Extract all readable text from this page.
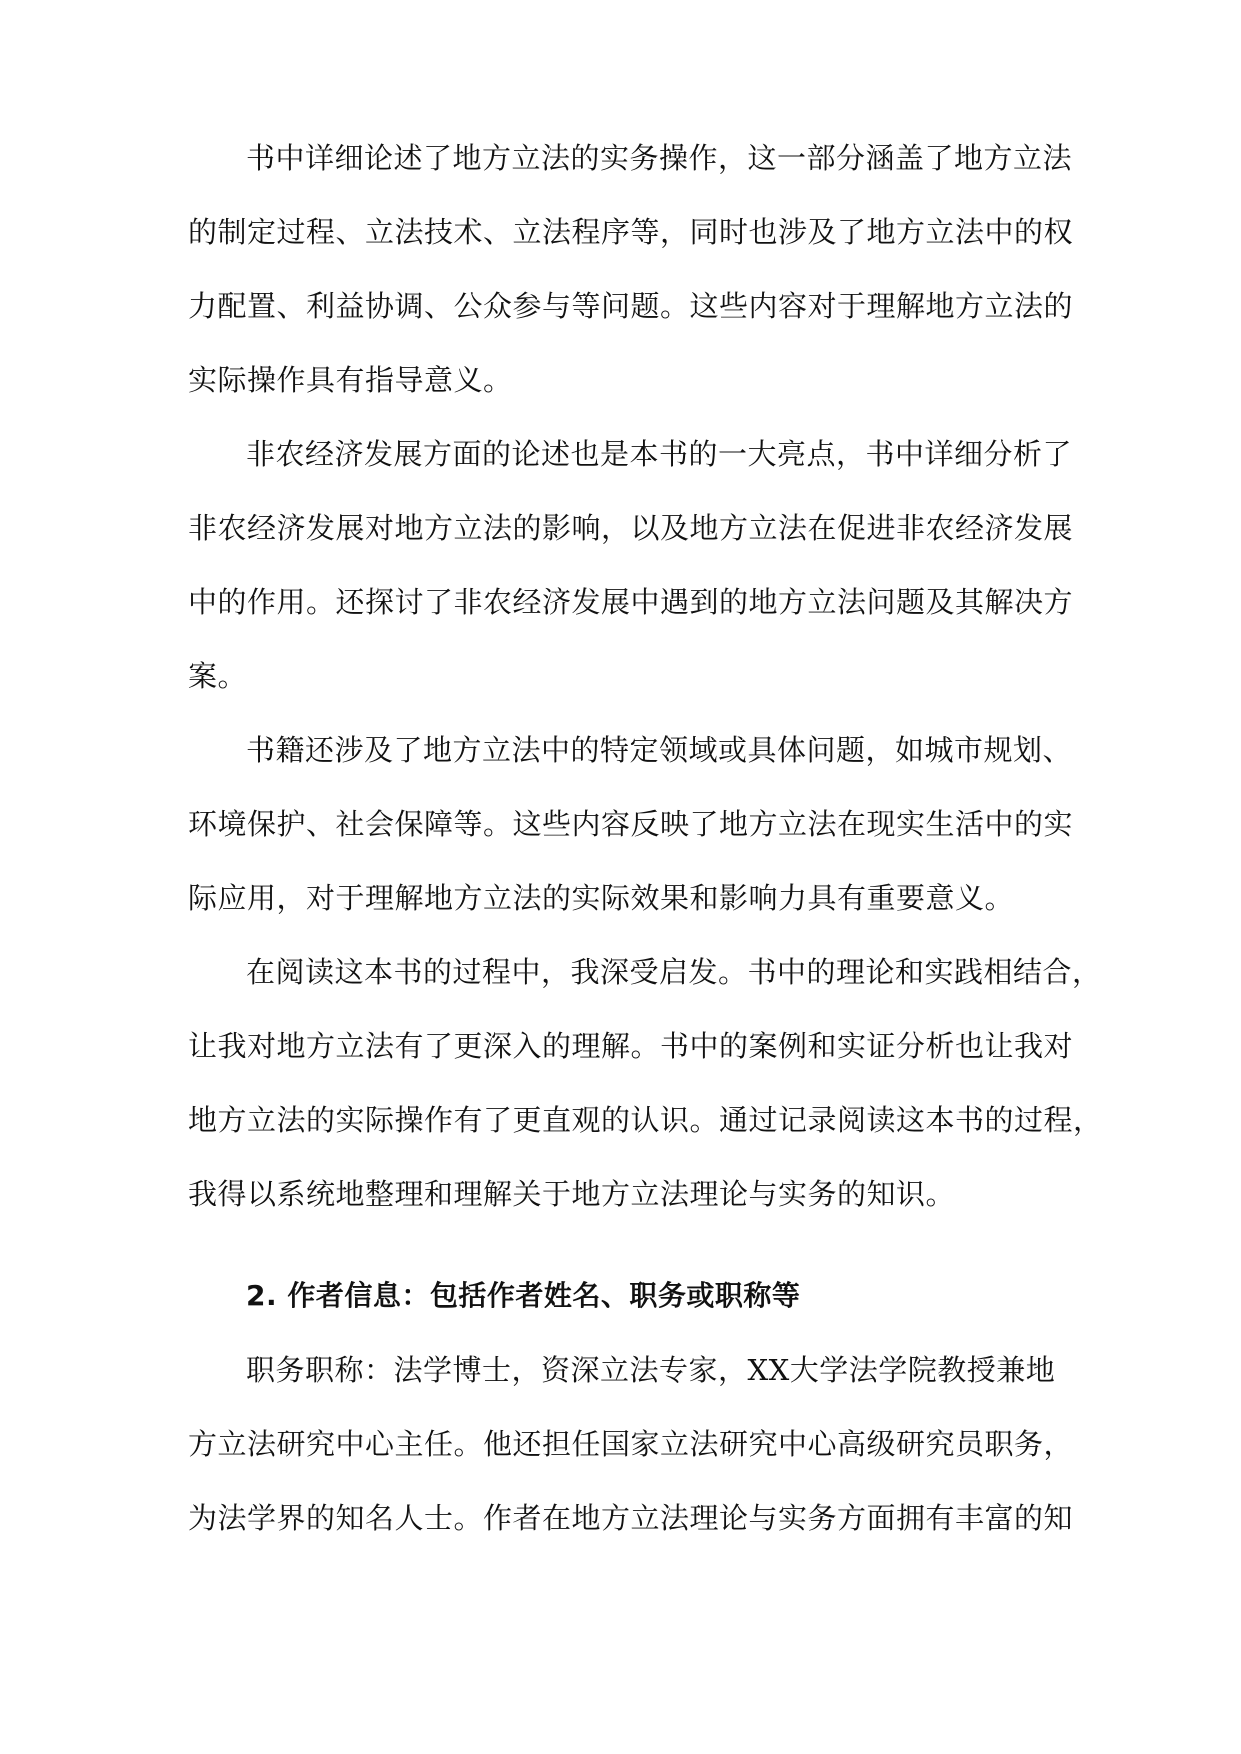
书中详细论述了地方立法的实务操作，这一部分涵盖了地方立法
的制定过程、立法技术、立法程序等，同时也涉及了地方立法中的权
力配置、利益协调、公众参与等问题。这些内容对于理解地方立法的
实际操作具有指导意义。
非农经济发展方面的论述也是本书的一大亮点，书中详细分析了
非农经济发展对地方立法的影响，以及地方立法在促进非农经济发展
中的作用。还探讨了非农经济发展中遇到的地方立法问题及其解决方
案。
书籍还涉及了地方立法中的特定领域或具体问题，如城市规划、
环境保护、社会保障等。这些内容反映了地方立法在现实生活中的实
际应用，对于理解地方立法的实际效果和影响力具有重要意义。
在阅读这本书的过程中，我深受启发。书中的理论和实践相结合，
让我对地方立法有了更深入的理解。书中的案例和实证分析也让我对
地方立法的实际操作有了更直观的认识。通过记录阅读这本书的过程，
我得以系统地整理和理解关于地方立法理论与实务的知识。
2. 作者信息：包括作者姓名、职务或职称等
职务职称：法学博士，资深立法专家，XX大学法学院教授兼地
方立法研究中心主任。他还担任国家立法研究中心高级研究员职务，
为法学界的知名人士。作者在地方立法理论与实务方面拥有丰富的知
